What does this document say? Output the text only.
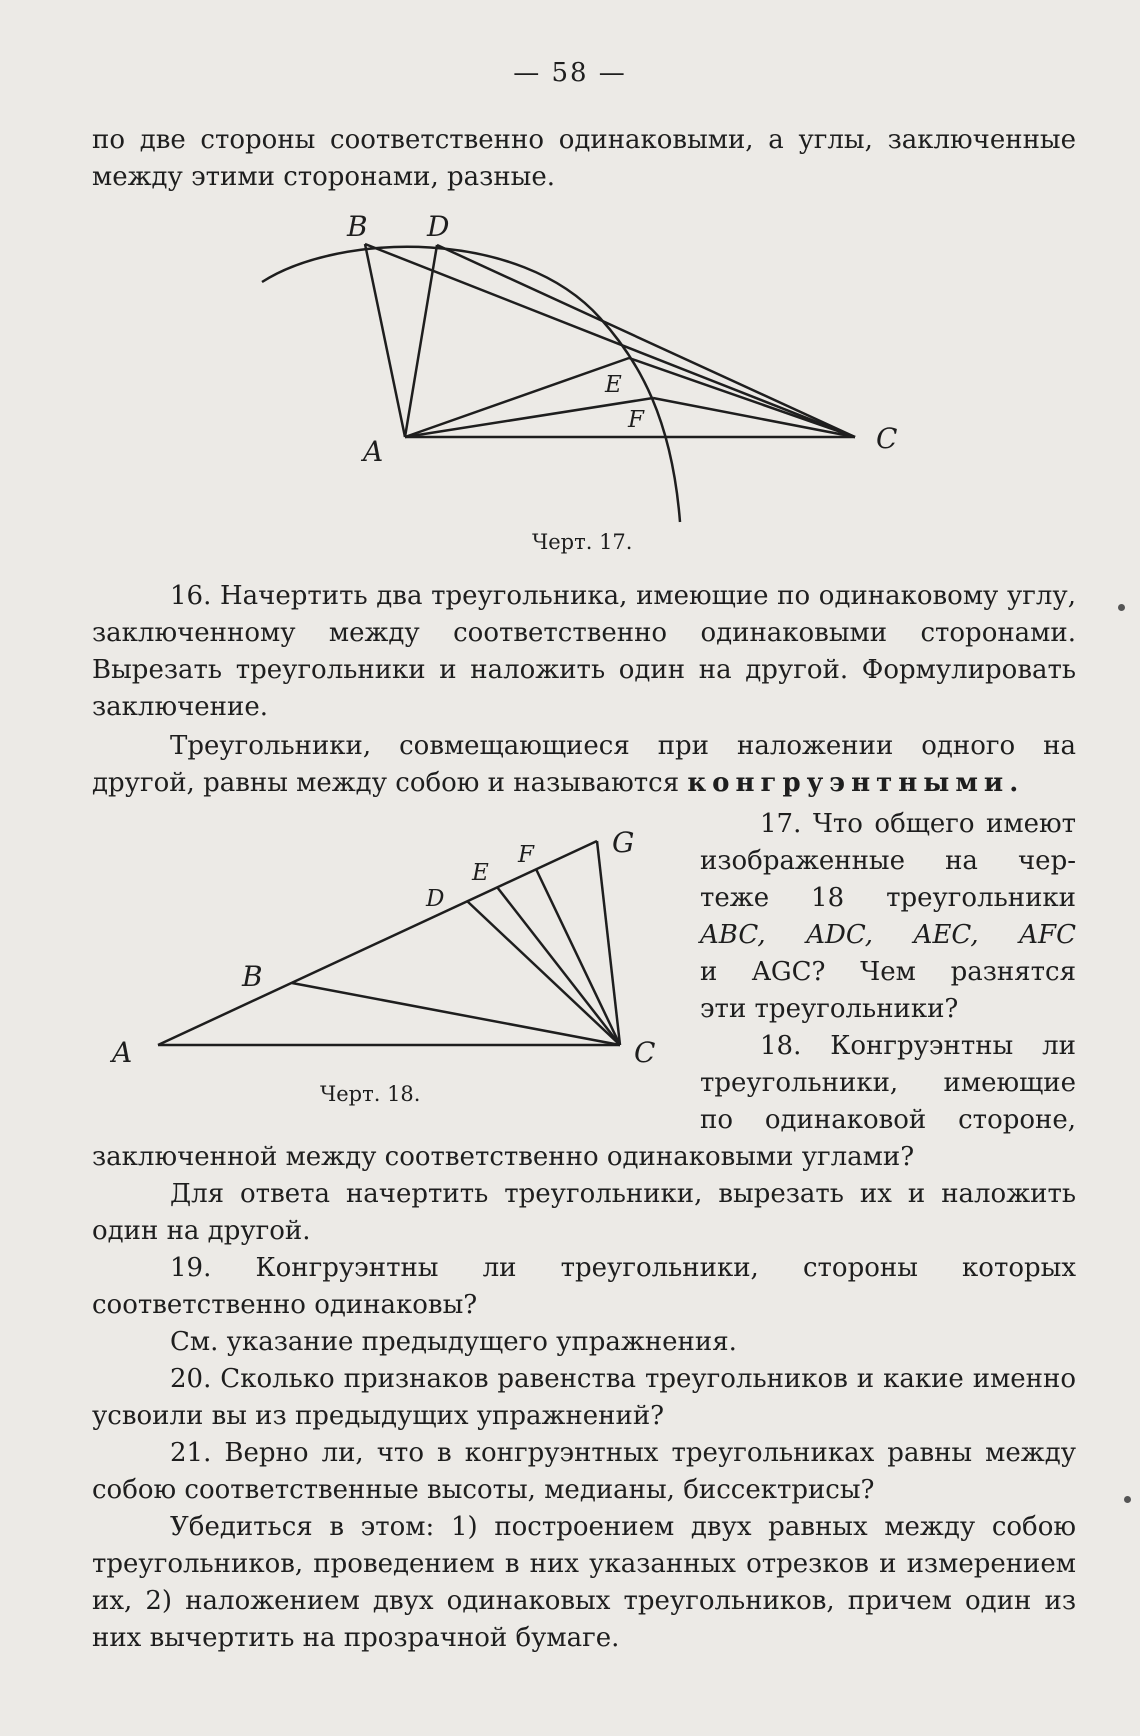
— 58 —

по две стороны соответственно одинаковыми, а углы, заключенные между этими сторонами, разные.

B D
E
F
A	C
Черт. 17.

16. Начертить два треугольника, имеющие по одинаковому углу, заключенному между соответственно одинаковыми сторонами. Вырезать треугольники и наложить один на другой. Формулировать заключение.

Треугольники, совмещающиеся при наложении одного на другой, равны между собою и называются конгруэнтными.

A
B
C
D
E
F	G
Черт. 18.
17. Что общего имеют
изображенные на чер-
теже 18 треугольники
ABC, ADC, AEC, AFC
и AGC? Чем разнятся
эти треугольники?
18. Конгруэнтны ли
треугольники, имеющие
по одинаковой стороне,

заключенной между соответственно одинаковыми углами?

Для ответа начертить треугольники, вырезать их и наложить один на другой.

19. Конгруэнтны ли треугольники, стороны которых соответственно одинаковы?

См. указание предыдущего упражнения.

20. Сколько признаков равенства треугольников и какие именно усвоили вы из предыдущих упражнений?

21. Верно ли, что в конгруэнтных треугольниках равны между собою соответственные высоты, медианы, биссектрисы?

Убедиться в этом: 1) построением двух равных между собою треугольников, проведением в них указанных отрезков и измерением их, 2) наложением двух одинаковых треугольников, причем один из них вычертить на прозрачной бумаге.
